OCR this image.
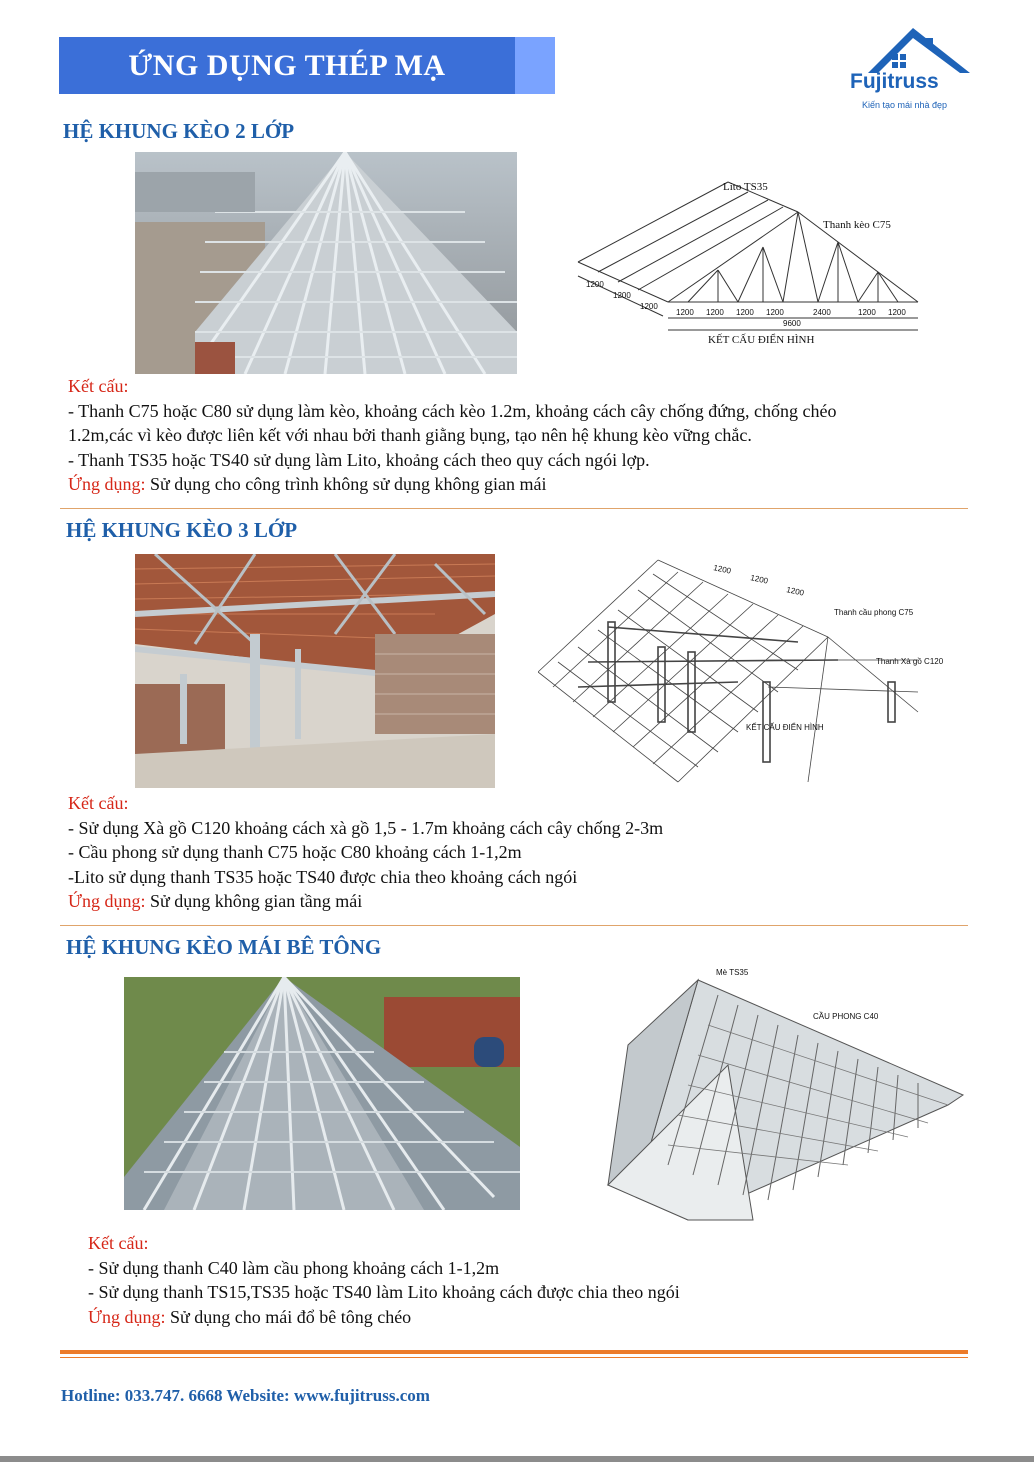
ỨNG DỤNG THÉP MẠ	Fujitruss
Kiến tạo mái nhà đẹp
HỆ KHUNG KÈO 2 LỚP
Lito TS35
Thanh kèo C75
1200
1200
1200
1200 1200 1200 1200	2400	1200 1200
9600
KẾT CẤU ĐIỂN HÌNH
Kết cấu:
- Thanh C75 hoặc C80 sử dụng làm kèo, khoảng cách kèo 1.2m, khoảng cách cây chống đứng, chống chéo
1.2m,các vì kèo được liên kết với nhau bởi thanh giằng bụng, tạo nên hệ khung kèo vững chắc.
- Thanh TS35 hoặc TS40 sử dụng làm Lito, khoảng cách theo quy cách ngói lợp.
Ứng dụng: Sử dụng cho công trình không sử dụng không gian mái
HỆ KHUNG KÈO 3 LỚP
1200
1200
1200
Thanh cầu phong C75
Thanh Xà gồ C120
KẾT CẤU ĐIỂN HÌNH
Kết cấu:
- Sử dụng Xà gồ C120 khoảng cách xà gồ 1,5 - 1.7m khoảng cách cây chống 2-3m
- Cầu phong sử dụng thanh C75 hoặc C80 khoảng cách 1-1,2m
-Lito sử dụng thanh TS35 hoặc TS40 được chia theo khoảng cách ngói
Ứng dụng: Sử dụng không gian tầng mái
HỆ KHUNG KÈO MÁI BÊ TÔNG
Mè TS35
CẦU PHONG C40
Kết cấu:
- Sử dụng thanh C40 làm cầu phong khoảng cách 1-1,2m
- Sử dụng thanh TS15,TS35 hoặc TS40 làm Lito khoảng cách được chia theo ngói
Ứng dụng: Sử dụng cho mái đổ bê tông chéo
Hotline: 033.747. 6668 Website: www.fujitruss.com
